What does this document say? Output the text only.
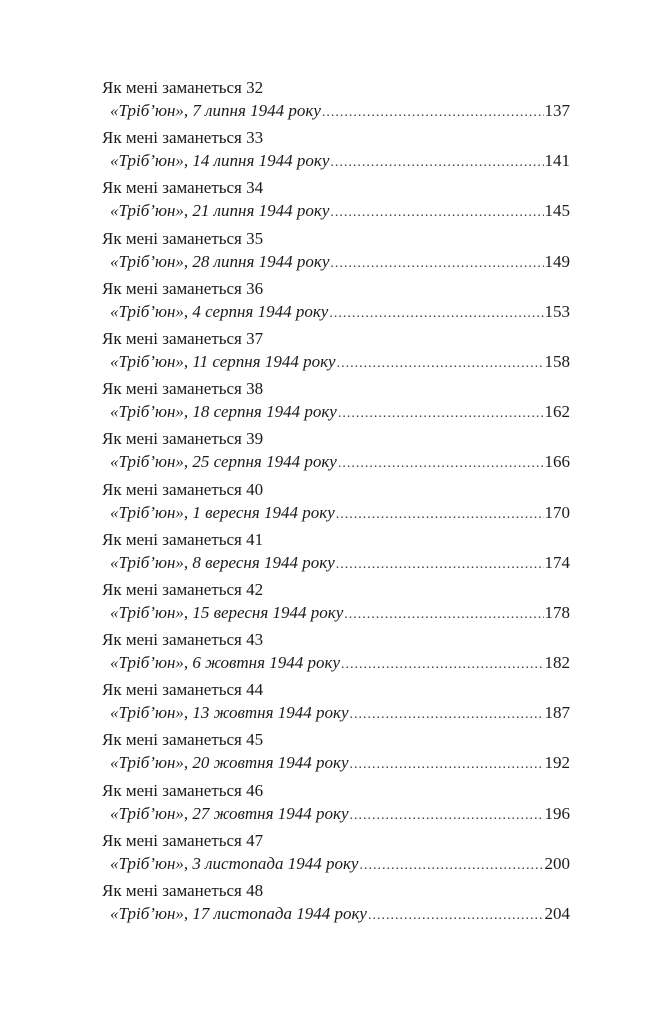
Як мені заманеться 32
«Тріб’юн», 7 липня 1944 року .....	137
Як мені заманеться 33
«Тріб’юн», 14 липня 1944 року .....	141
Як мені заманеться 34
«Тріб’юн», 21 липня 1944 року .....	145
Як мені заманеться 35
«Тріб’юн», 28 липня 1944 року .....	149
Як мені заманеться 36
«Тріб’юн», 4 серпня 1944 року .....	153
Як мені заманеться 37
«Тріб’юн», 11 серпня 1944 року .....	158
Як мені заманеться 38
«Тріб’юн», 18 серпня 1944 року .....	162
Як мені заманеться 39
«Тріб’юн», 25 серпня 1944 року .....	166
Як мені заманеться 40
«Тріб’юн», 1 вересня 1944 року .....	170
Як мені заманеться 41
«Тріб’юн», 8 вересня 1944 року .....	174
Як мені заманеться 42
«Тріб’юн», 15 вересня 1944 року .....	178
Як мені заманеться 43
«Тріб’юн», 6 жовтня 1944 року .....	182
Як мені заманеться 44
«Тріб’юн», 13 жовтня 1944 року .....	187
Як мені заманеться 45
«Тріб’юн», 20 жовтня 1944 року .....	192
Як мені заманеться 46
«Тріб’юн», 27 жовтня 1944 року .....	196
Як мені заманеться 47
«Тріб’юн», 3 листопада 1944 року .....	200
Як мені заманеться 48
«Тріб’юн», 17 листопада 1944 року .....	204
